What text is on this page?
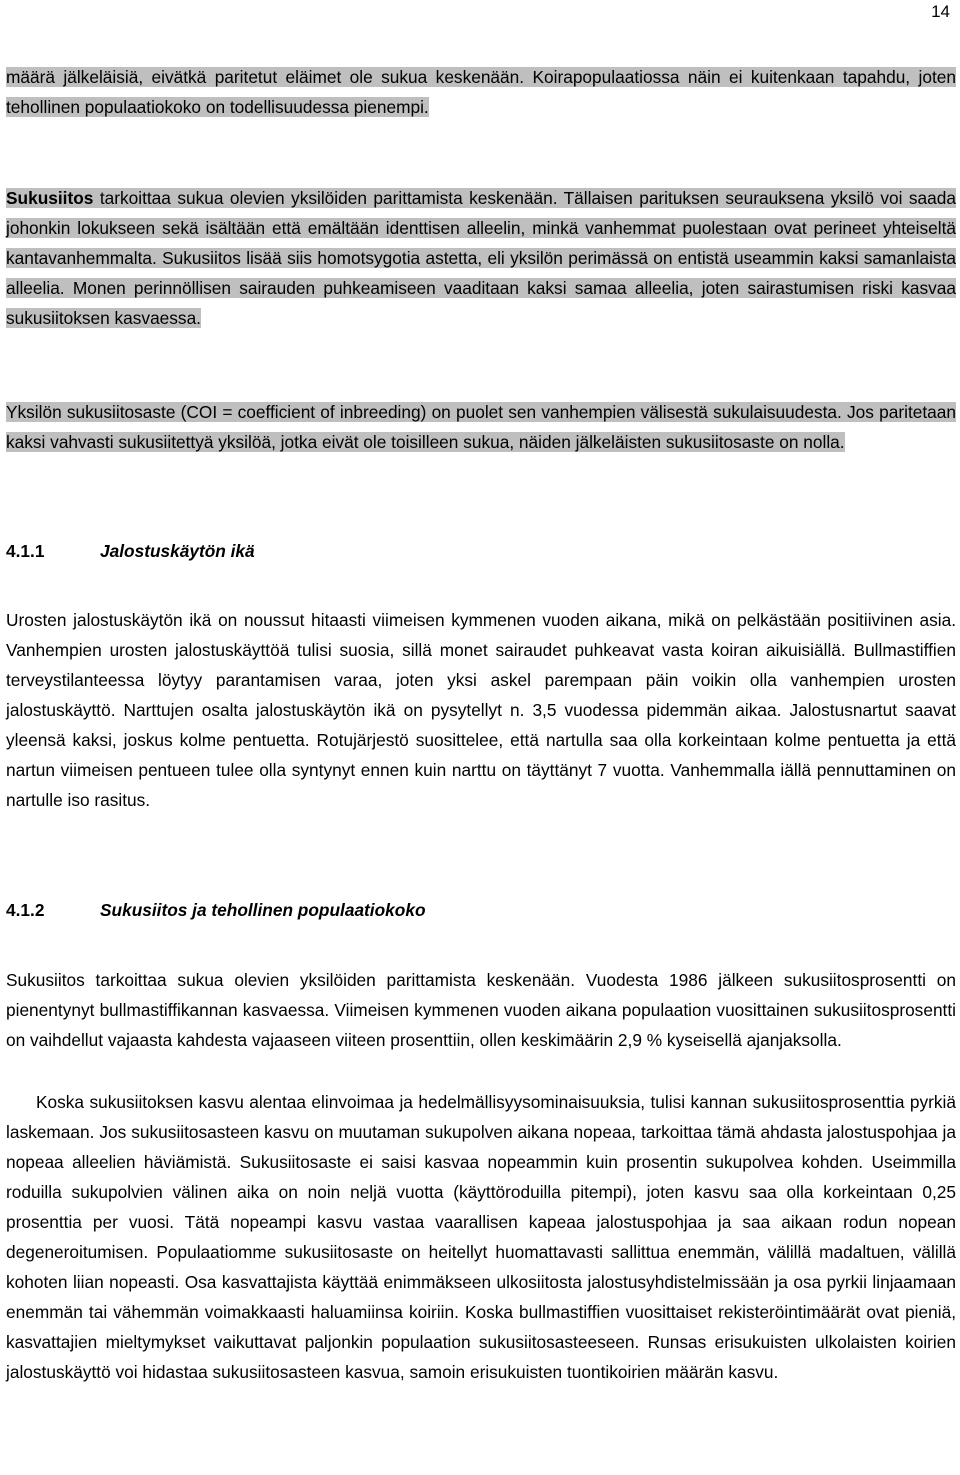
14

määrä jälkeläisiä, eivätkä paritetut eläimet ole sukua keskenään. Koirapopulaatiossa näin ei kuitenkaan tapahdu, joten tehollinen populaatiokoko on todellisuudessa pienempi.

Sukusiitos tarkoittaa sukua olevien yksilöiden parittamista keskenään. Tällaisen parituksen seurauksena yksilö voi saada johonkin lokukseen sekä isältään että emältään identtisen alleelin, minkä vanhemmat puolestaan ovat perineet yhteiseltä kantavanhemmalta. Sukusiitos lisää siis homotsygotia astetta, eli yksilön perimässä on entistä useammin kaksi samanlaista alleelia. Monen perinnöllisen sairauden puhkeamiseen vaaditaan kaksi samaa alleelia, joten sairastumisen riski kasvaa sukusiitoksen kasvaessa.

Yksilön sukusiitosaste (COI = coefficient of inbreeding) on puolet sen vanhempien välisestä sukulaisuudesta. Jos paritetaan kaksi vahvasti sukusiitettyä yksilöä, jotka eivät ole toisilleen sukua, näiden jälkeläisten sukusiitosaste on nolla.

4.1.1	Jalostuskäytön ikä

Urosten jalostuskäytön ikä on noussut hitaasti viimeisen kymmenen vuoden aikana, mikä on pelkästään positiivinen asia. Vanhempien urosten jalostuskäyttöä tulisi suosia, sillä monet sairaudet puhkeavat vasta koiran aikuisiällä. Bullmastiffien terveystilanteessa löytyy parantamisen varaa, joten yksi askel parempaan päin voikin olla vanhempien urosten jalostuskäyttö. Narttujen osalta jalostuskäytön ikä on pysytellyt n. 3,5 vuodessa pidemmän aikaa. Jalostusnartut saavat yleensä kaksi, joskus kolme pentuetta. Rotujärjestö suosittelee, että nartulla saa olla korkeintaan kolme pentuetta ja että nartun viimeisen pentueen tulee olla syntynyt ennen kuin narttu on täyttänyt 7 vuotta. Vanhemmalla iällä pennuttaminen on nartulle iso rasitus.

4.1.2	Sukusiitos ja tehollinen populaatiokoko

Sukusiitos tarkoittaa sukua olevien yksilöiden parittamista keskenään. Vuodesta 1986 jälkeen sukusiitosprosentti on pienentynyt bullmastiffikannan kasvaessa. Viimeisen kymmenen vuoden aikana populaation vuosittainen sukusiitosprosentti on vaihdellut vajaasta kahdesta vajaaseen viiteen prosenttiin, ollen keskimäärin 2,9 % kyseisellä ajanjaksolla.

Koska sukusiitoksen kasvu alentaa elinvoimaa ja hedelmällisyysominaisuuksia, tulisi kannan sukusiitosprosenttia pyrkiä laskemaan. Jos sukusiitosasteen kasvu on muutaman sukupolven aikana nopeaa, tarkoittaa tämä ahdasta jalostuspohjaa ja nopeaa alleelien häviämistä. Sukusiitosaste ei saisi kasvaa nopeammin kuin prosentin sukupolvea kohden. Useimmilla roduilla sukupolvien välinen aika on noin neljä vuotta (käyttöroduilla pitempi), joten kasvu saa olla korkeintaan 0,25 prosenttia per vuosi. Tätä nopeampi kasvu vastaa vaarallisen kapeaa jalostuspohjaa ja saa aikaan rodun nopean degeneroitumisen. Populaatiomme sukusiitosaste on heitellyt huomattavasti sallittua enemmän, välillä madaltuen, välillä kohoten liian nopeasti. Osa kasvattajista käyttää enimmäkseen ulkosiitosta jalostusyhdistelmissään ja osa pyrkii linjaamaan enemmän tai vähemmän voimakkaasti haluamiinsa koiriin. Koska bullmastiffien vuosittaiset rekisteröintimäärät ovat pieniä, kasvattajien mieltymykset vaikuttavat paljonkin populaation sukusiitosasteeseen. Runsas erisukuisten ulkolaisten koirien jalostuskäyttö voi hidastaa sukusiitosasteen kasvua, samoin erisukuisten tuontikoirien määrän kasvu.
